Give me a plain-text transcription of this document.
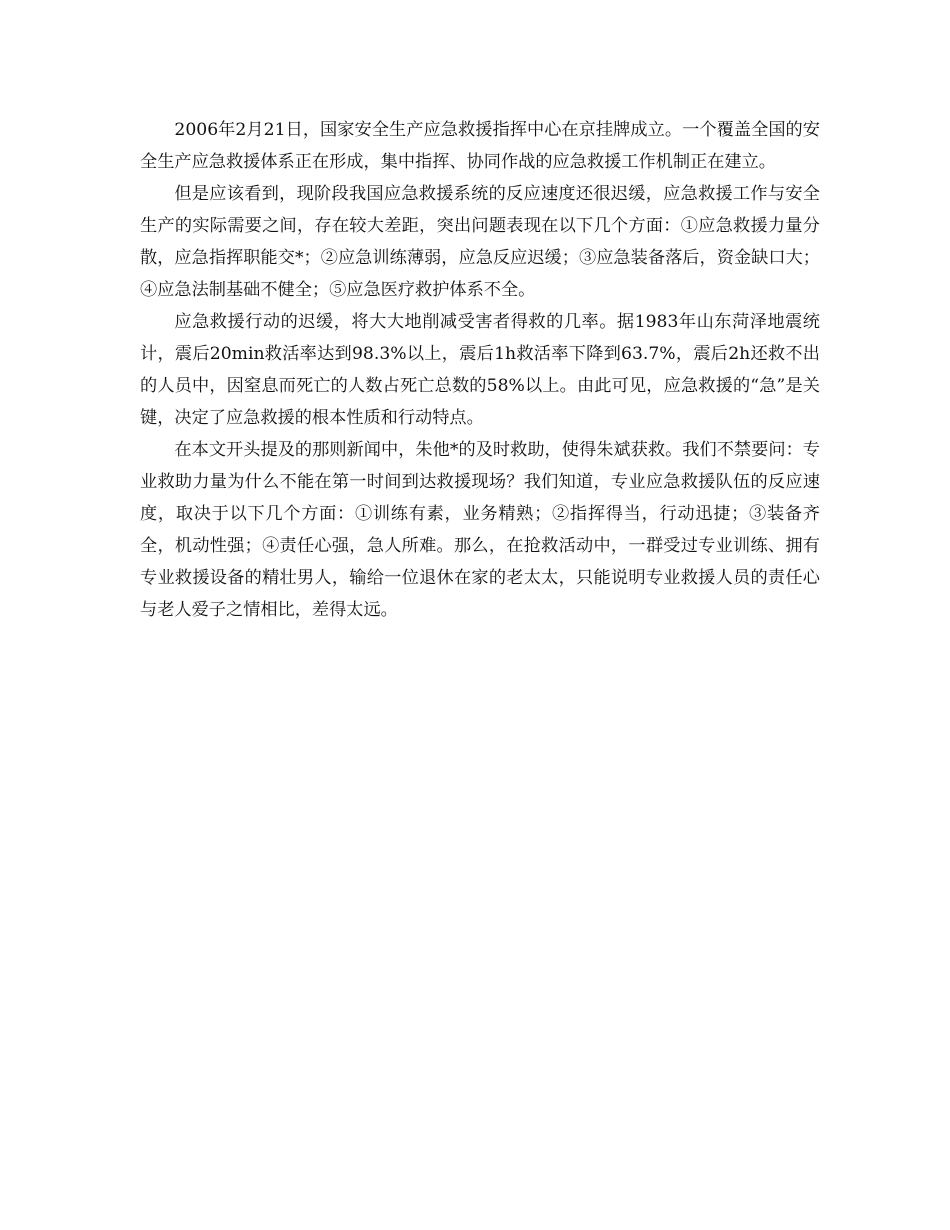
2006年2月21日，国家安全生产应急救援指挥中心在京挂牌成立。一个覆盖全国的安全生产应急救援体系正在形成，集中指挥、协同作战的应急救援工作机制正在建立。

但是应该看到，现阶段我国应急救援系统的反应速度还很迟缓，应急救援工作与安全生产的实际需要之间，存在较大差距，突出问题表现在以下几个方面：①应急救援力量分散，应急指挥职能交*；②应急训练薄弱，应急反应迟缓；③应急装备落后，资金缺口大；④应急法制基础不健全；⑤应急医疗救护体系不全。

应急救援行动的迟缓，将大大地削减受害者得救的几率。据1983年山东菏泽地震统计，震后20min救活率达到98.3%以上，震后1h救活率下降到63.7%，震后2h还救不出的人员中，因窒息而死亡的人数占死亡总数的58%以上。由此可见，应急救援的“急”是关键，决定了应急救援的根本性质和行动特点。

在本文开头提及的那则新闻中，朱他*的及时救助，使得朱斌获救。我们不禁要问：专业救助力量为什么不能在第一时间到达救援现场？我们知道，专业应急救援队伍的反应速度，取决于以下几个方面：①训练有素，业务精熟；②指挥得当，行动迅捷；③装备齐全，机动性强；④责任心强，急人所难。那么，在抢救活动中，一群受过专业训练、拥有专业救援设备的精壮男人，输给一位退休在家的老太太，只能说明专业救援人员的责任心与老人爱子之情相比，差得太远。
